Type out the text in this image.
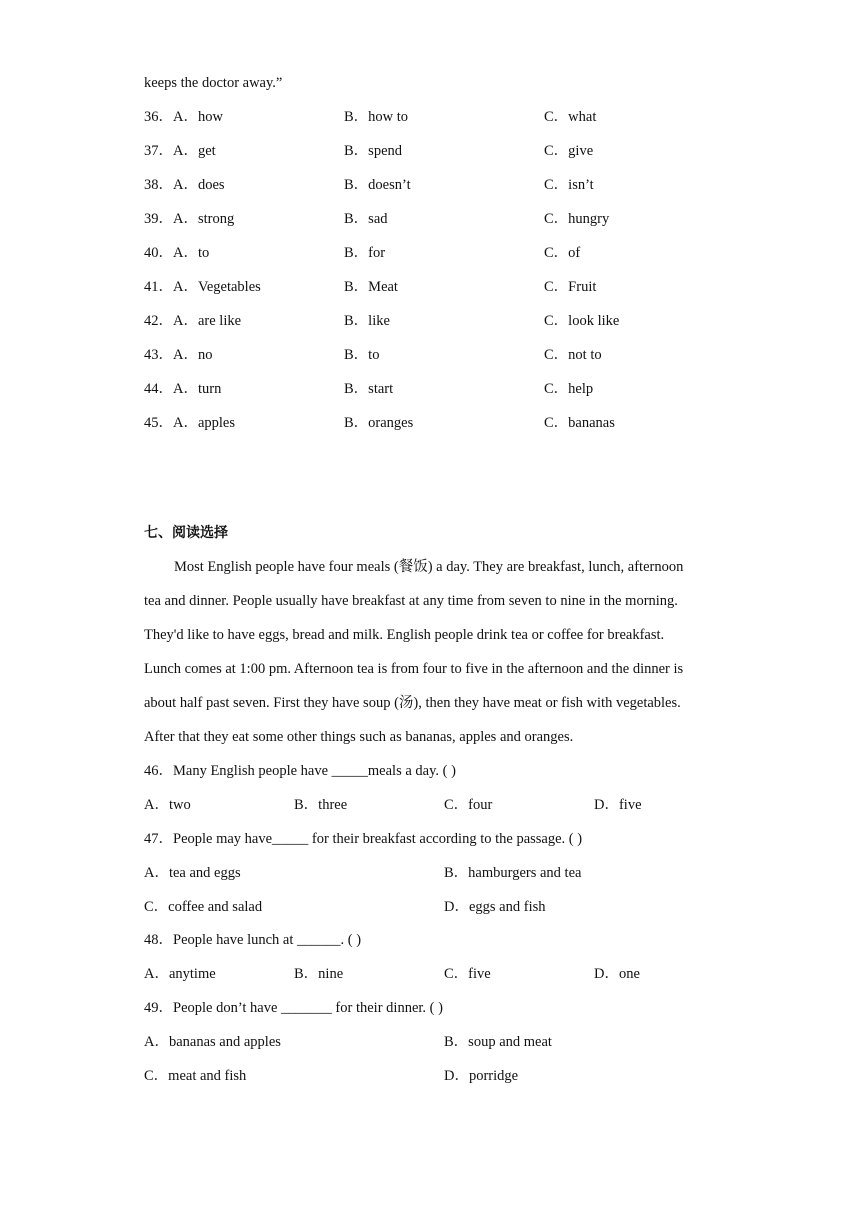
keeps the doctor away.”
36．A．how	B．how to	C．what
37．A．get	B．spend	C．give
38．A．does	B．doesn’t	C．isn’t
39．A．strong	B．sad	C．hungry
40．A．to	B．for	C．of
41．A．Vegetables	B．Meat	C．Fruit
42．A．are like	B．like	C．look like
43．A．no	B．to	C．not to
44．A．turn	B．start	C．help
45．A．apples	B．oranges	C．bananas
七、阅读选择
Most English people have four meals (餐饭) a day. They are breakfast, lunch, afternoon
tea and dinner. People usually have breakfast at any time from seven to nine in the morning.
They'd like to have eggs, bread and milk. English people drink tea or coffee for breakfast.
Lunch comes at 1:00 pm. Afternoon tea is from four to five in the afternoon and the dinner is
about half past seven. First they have soup (汤), then they have meat or fish with vegetables.
After that they eat some other things such as bananas, apples and oranges.
46．Many English people have _____meals a day. ( )
A．two	B．three	C．four	D．five
47．People may have_____ for their breakfast according to the passage. ( )
A．tea and eggs	B．hamburgers and tea
C．coffee and salad	D．eggs and fish
48．People have lunch at ______. ( )
A．anytime	B．nine	C．five	D．one
49．People don’t have _______ for their dinner. ( )
A．bananas and apples	B．soup and meat
C．meat and fish	D．porridge
